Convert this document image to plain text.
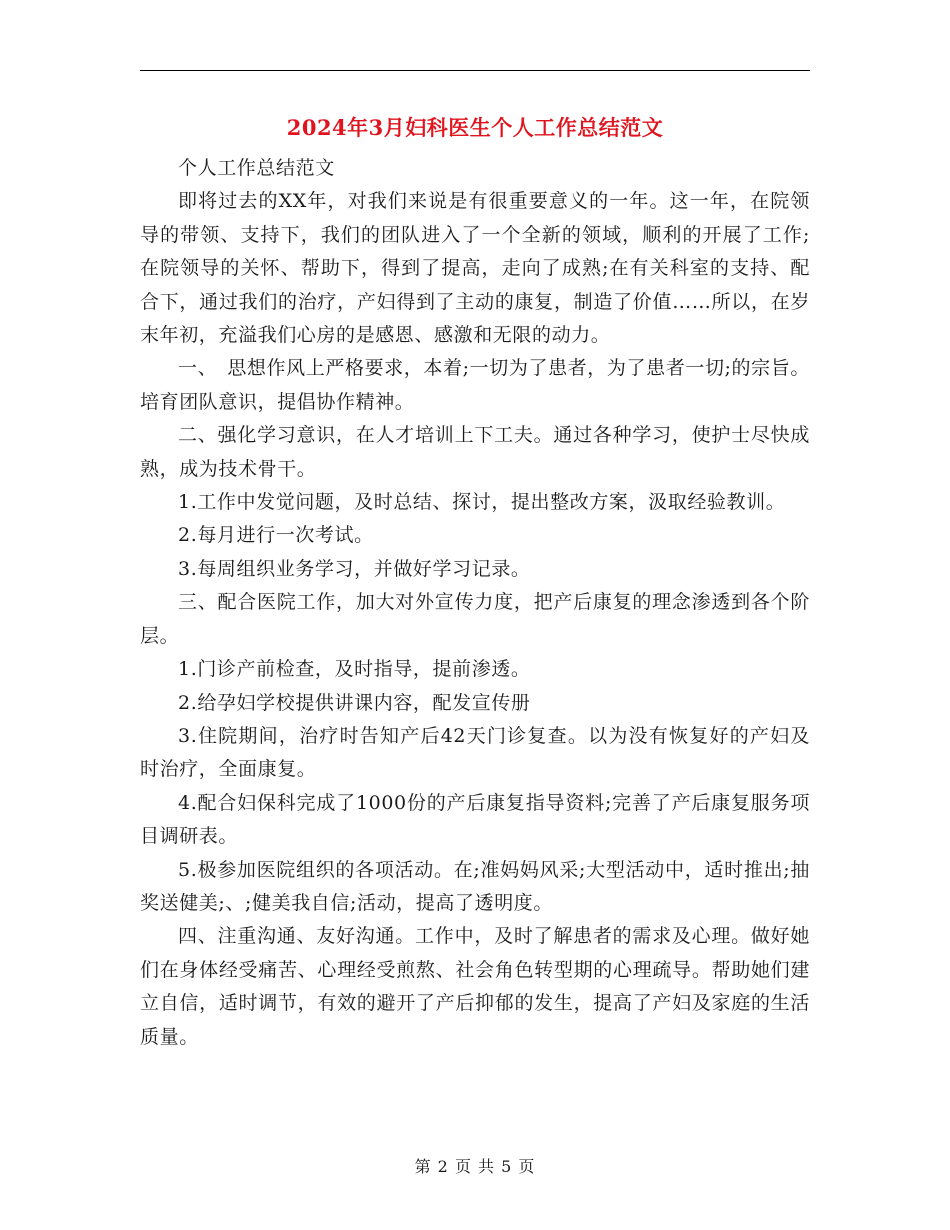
2024年3月妇科医生个人工作总结范文

个人工作总结范文

即将过去的XX年，对我们来说是有很重要意义的一年。这一年，在院领导的带领、支持下，我们的团队进入了一个全新的领域，顺利的开展了工作;在院领导的关怀、帮助下，得到了提高，走向了成熟;在有关科室的支持、配合下，通过我们的治疗，产妇得到了主动的康复，制造了价值……所以，在岁末年初，充溢我们心房的是感恩、感激和无限的动力。

一、　思想作风上严格要求，本着;一切为了患者，为了患者一切;的宗旨。培育团队意识，提倡协作精神。

二、强化学习意识，在人才培训上下工夫。通过各种学习，使护士尽快成熟，成为技术骨干。

1.工作中发觉问题，及时总结、探讨，提出整改方案，汲取经验教训。

2.每月进行一次考试。

3.每周组织业务学习，并做好学习记录。

三、配合医院工作，加大对外宣传力度，把产后康复的理念渗透到各个阶层。

1.门诊产前检查，及时指导，提前渗透。

2.给孕妇学校提供讲课内容，配发宣传册

3.住院期间，治疗时告知产后42天门诊复查。以为没有恢复好的产妇及时治疗，全面康复。

4.配合妇保科完成了1000份的产后康复指导资料;完善了产后康复服务项目调研表。

5.极参加医院组织的各项活动。在;准妈妈风采;大型活动中，适时推出;抽奖送健美;、;健美我自信;活动，提高了透明度。

四、注重沟通、友好沟通。工作中，及时了解患者的需求及心理。做好她们在身体经受痛苦、心理经受煎熬、社会角色转型期的心理疏导。帮助她们建立自信，适时调节，有效的避开了产后抑郁的发生，提高了产妇及家庭的生活质量。

第 2 页 共 5 页
